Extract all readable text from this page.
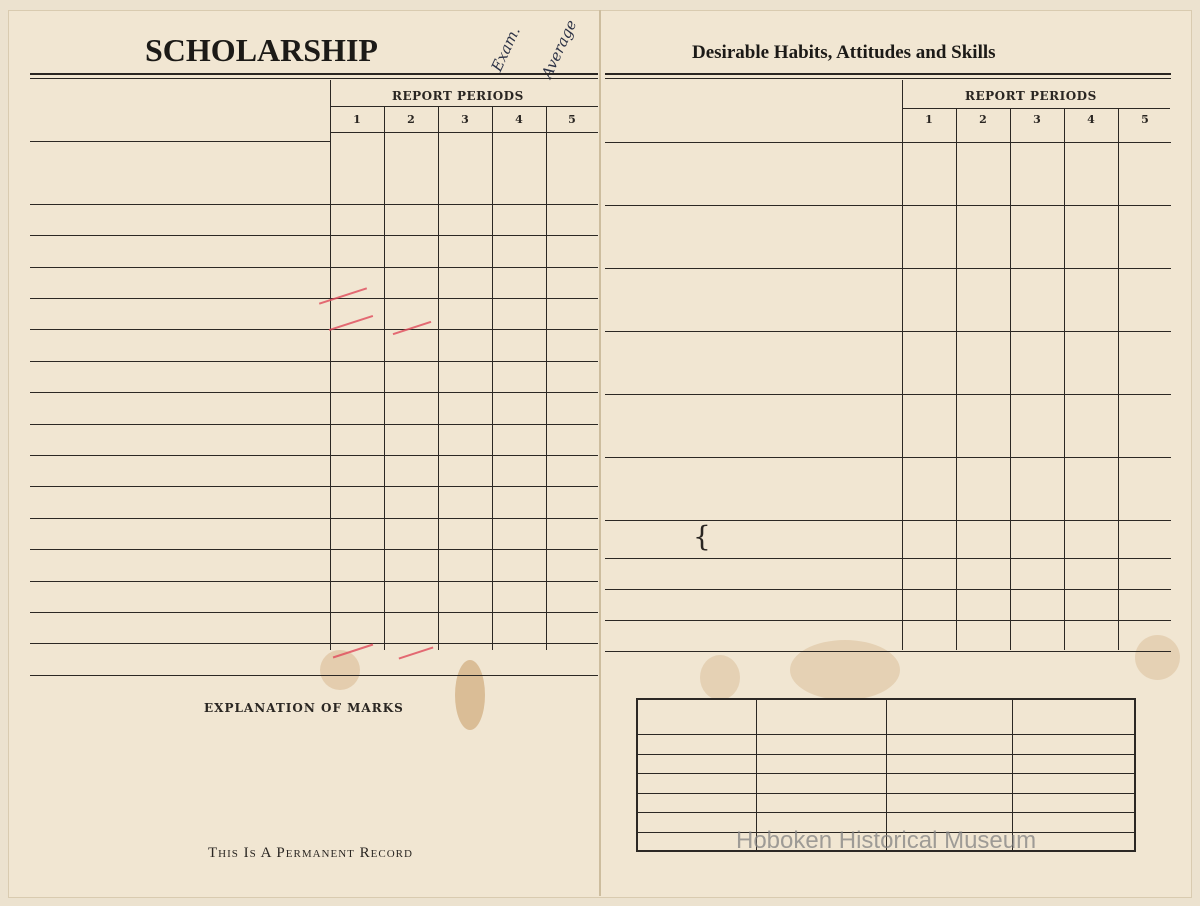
SCHOLARSHIP	Exam. Average
REPORT PERIODS
1	2	3	4	5
EXPLANATION OF MARKS
This Is A Permanent Record
Desirable Habits, Attitudes and Skills
REPORT PERIODS
1	2	3	4	5
{
Hoboken Historical Museum
